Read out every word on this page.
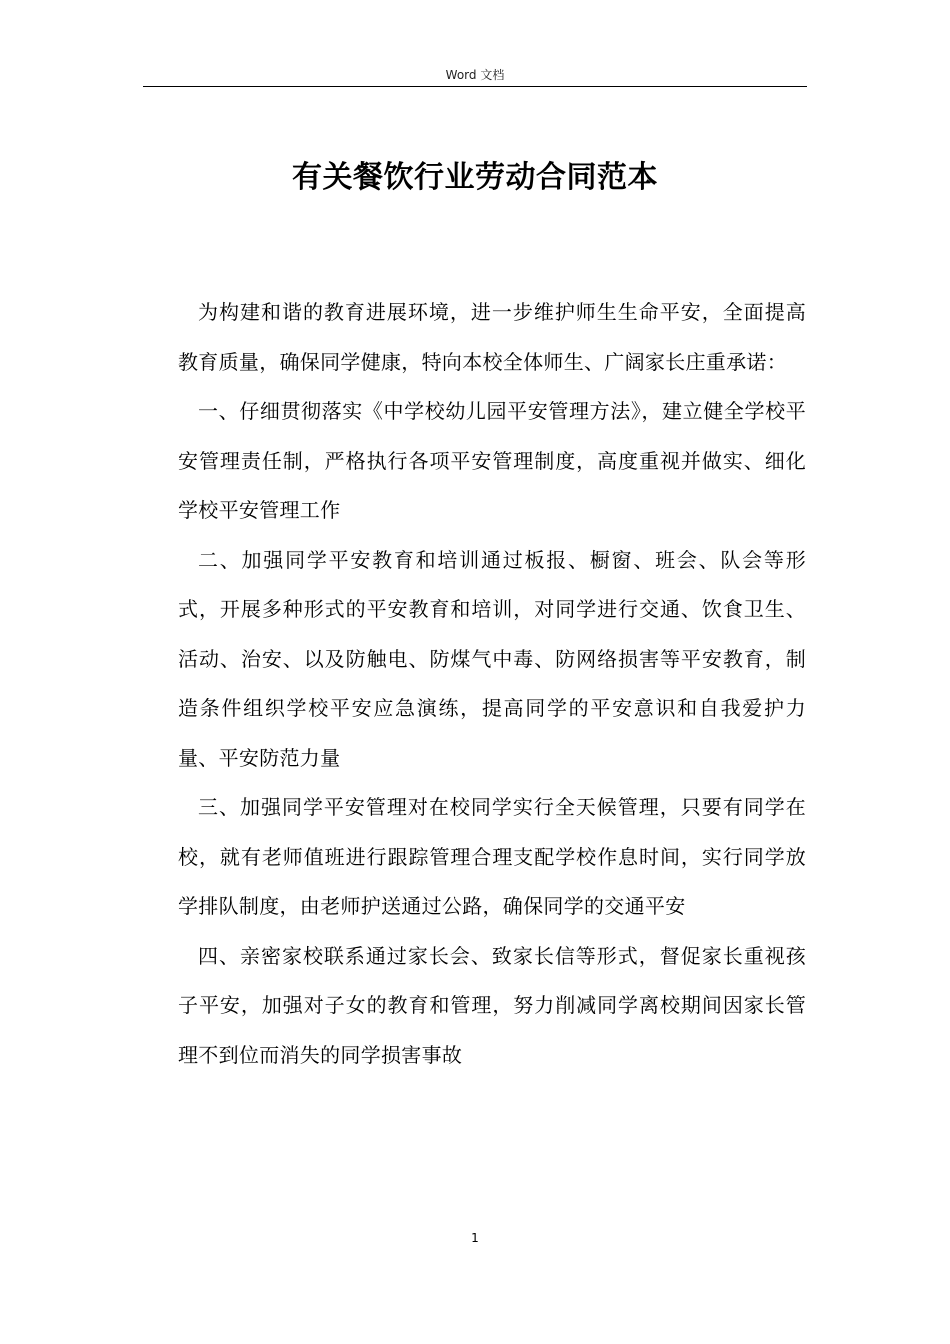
Word 文档
有关餐饮行业劳动合同范本

为构建和谐的教育进展环境，进一步维护师生生命平安，全面提高教育质量，确保同学健康，特向本校全体师生、广阔家长庄重承诺：

一、仔细贯彻落实《中学校幼儿园平安管理方法》，建立健全学校平安管理责任制，严格执行各项平安管理制度，高度重视并做实、细化学校平安管理工作

二、加强同学平安教育和培训通过板报、橱窗、班会、队会等形式，开展多种形式的平安教育和培训，对同学进行交通、饮食卫生、活动、治安、以及防触电、防煤气中毒、防网络损害等平安教育，制造条件组织学校平安应急演练，提高同学的平安意识和自我爱护力量、平安防范力量

三、加强同学平安管理对在校同学实行全天候管理，只要有同学在校，就有老师值班进行跟踪管理合理支配学校作息时间，实行同学放学排队制度，由老师护送通过公路，确保同学的交通平安

四、亲密家校联系通过家长会、致家长信等形式，督促家长重视孩子平安，加强对子女的教育和管理，努力削减同学离校期间因家长管理不到位而消失的同学损害事故

1
